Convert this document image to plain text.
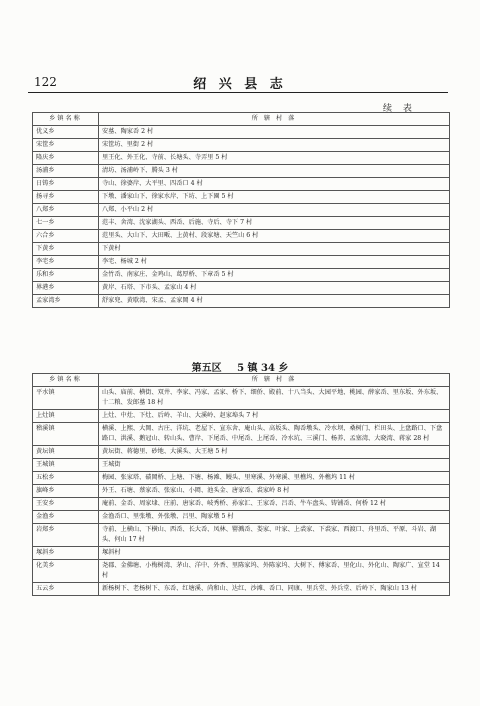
122	绍 兴 县 志
续 表
乡镇名称	所 辖 村 落
优义乡	安墓、陶家岙 2 村
宋筐乡	宋筐坊、里街 2 村
隆庆乡	里王化、外王化、寺前、长塘头、寺弄里 5 村
汤浦乡	清坊、汤浦岭下、腾头 3 村
日铸乡	寺山、徐婆岸、大平里、四岙口 4 村
扬寻乡	下墩、潘家山下、徐家水岸、下坊、上下園 5 村
八郑乡	八郑、小平山 2 村
七一乡	范丰、舍湾、沈家湖头、西岙、后施、寺后、寺下 7 村
六合乡	范里头、大山下、大田畈、上黄村、段家塘、天竺山 6 村
下黄乡	下黄村
李宅乡	李宅、杨城 2 村
乐和乡	金竹岙、南家庄、金鸡山、葛厚桥、下章岙 5 村
界港乡	黄岸、石塔、下市头、孟家山 4 村
孟家湾乡	舒家兜、黄歇湾、宋孟、孟家岡 4 村
第五区 5 镇 34 乡
乡镇名称	所 辖 村 落
平水镇	山头、庙前、横街、双井、李家、冯家、孟家、桥下、细侨、殿前、十八当头、大园平地、桃园、薛家岙、里东坂、外东坂、十二粮、发郎墓 18 村
上灶镇	上灶、中灶、下灶、后岭、羊山、大溪岭、赵家埠头 7 村
稽溪镇	横溪、上熙、大岡、古庄、洋坑、老屋下、宣东舍、庵山头、高坂头、陶岙墩头、冷水坝、桑树门、栏田头、上盘路口、下盘路口、洪溪、鹅冠山、转山头、曹岸、下尾岙、中尾岙、上尾岙、冷水坑、三溪门、杨养、孟塞湾、大晓湾、蒋家 28 村
黄坛镇	黄坛街、蒋德里、砂地、大溪头、大王塘 5 村
王城镇	王城街
五松乡	梅园、张家塔、碛岡桥、上塘、下塘、杨滩、鳗头、里寒溪、外寒溪、里樵坞、外樵坞 11 村
旗峰乡	外王、石塘、蔡家岙、张家山、小岡、池头金、唐家岙、裘家岭 8 村
王安乡	庵前、金岙、周家埭、庄前、唐家岙、岐秀桥、孙家汇、王家岙、吕岙、牛车盘头、铸铺岙、何桥 12 村
金渔乡	金渔岙口、里张墩、外张墩、吕里、陶家墩 5 村
岩郑乡	寺前、上横山、下横山、西岙、长大岙、凤林、罂溅岙、娄家、叶家、上裘家、下裘家、西渡口、舟里岙、平原、斗岩、湖头、何山 17 村
塚斜乡	塚斜村
化美乡	尧郡、金佛塘、小梅树湾、茅山、洋中、外香、里陈家坞、外陈家坞、大树下、傅家岙、里化山、外化山、陶家广、宣堂 14 村
五云乡	新杨树下、老杨树下、东岙、红塘溪、尚和山、达红、沙滩、岙口、同康、里兵堂、外兵堂、后岭下、陶家山 13 村
